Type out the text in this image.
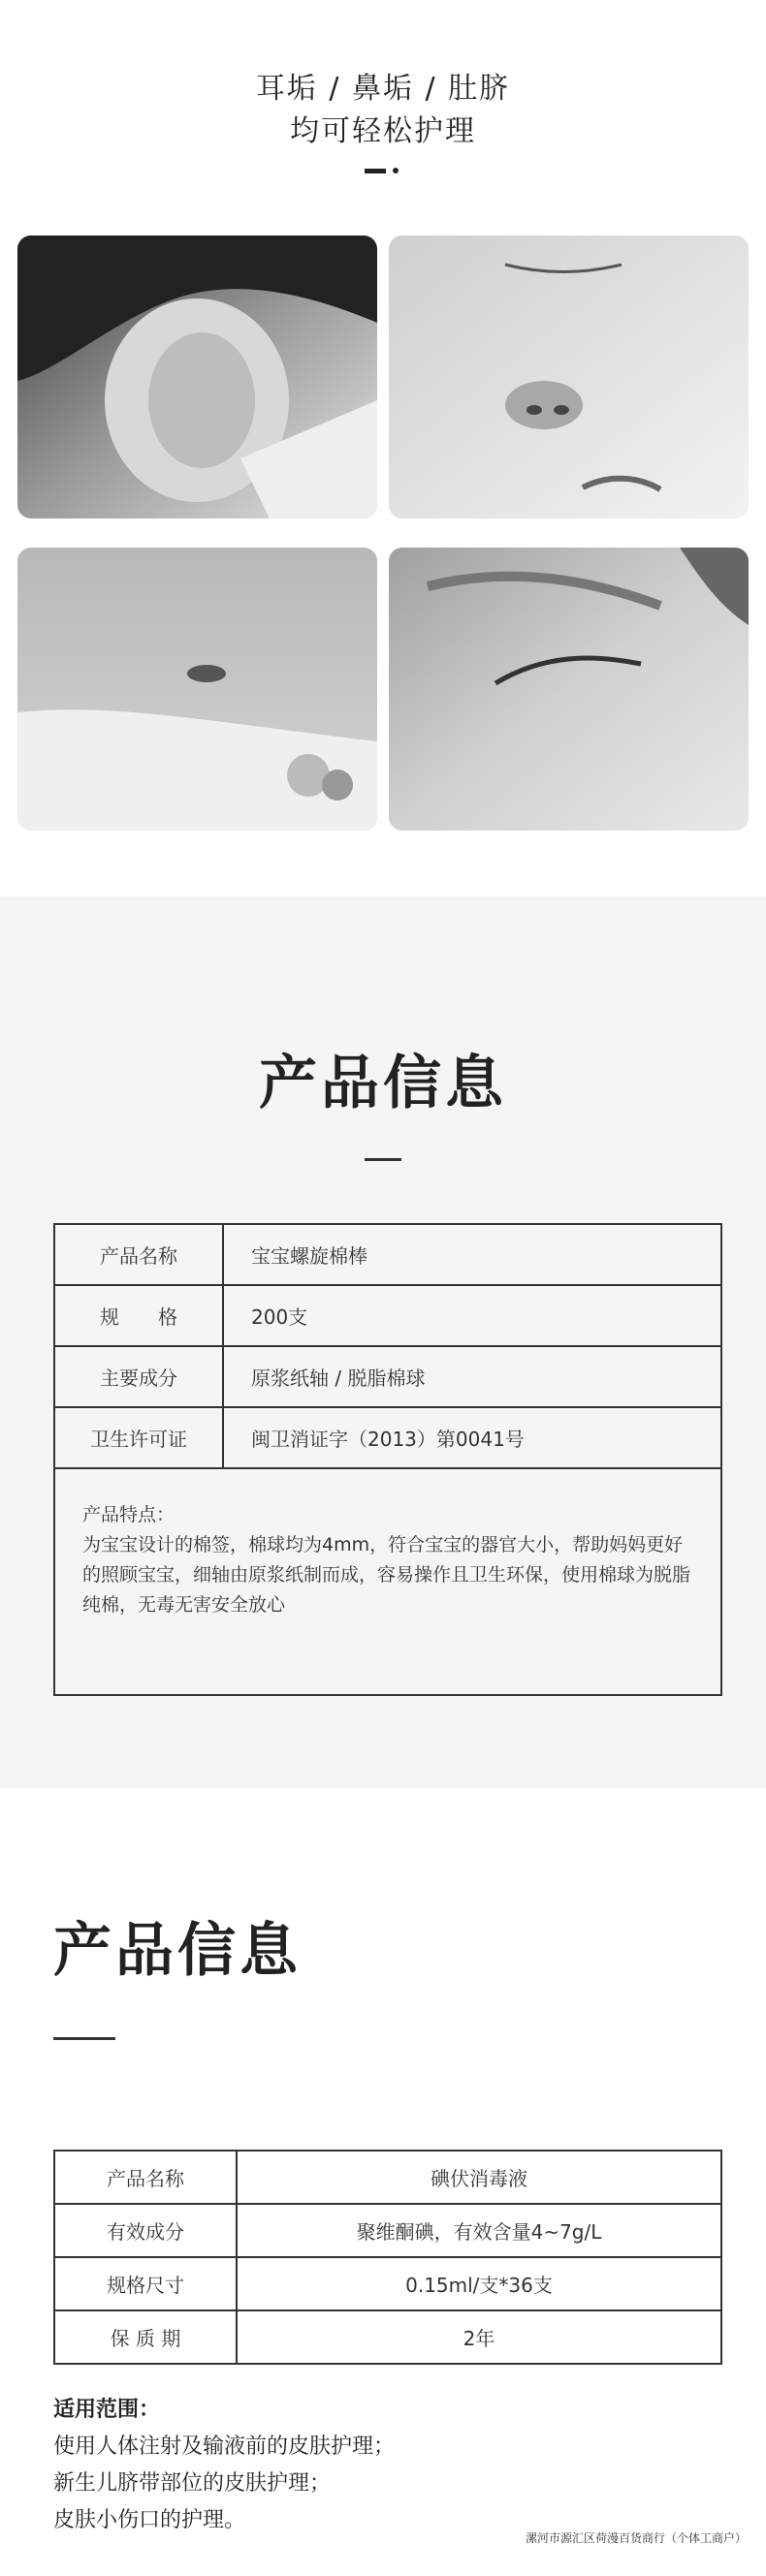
耳垢 / 鼻垢 / 肚脐
均可轻松护理
产品信息
产品名称	宝宝螺旋棉棒
规　　格	200支
主要成分	原浆纸轴 / 脱脂棉球
卫生许可证	闽卫消证字（2013）第0041号

产品特点：
为宝宝设计的棉签，棉球均为4mm，符合宝宝的器官大小，帮助妈妈更好的照顾宝宝，细轴由原浆纸制而成，容易操作且卫生环保，使用棉球为脱脂纯棉，无毒无害安全放心	
产品信息
产品名称	碘伏消毒液
有效成分	聚维酮碘，有效含量4~7g/L
规格尺寸	0.15ml/支*36支
保 质 期	2年
适用范围：
使用人体注射及输液前的皮肤护理；
新生儿脐带部位的皮肤护理；
皮肤小伤口的护理。
漯河市源汇区荷漫百货商行（个体工商户）
